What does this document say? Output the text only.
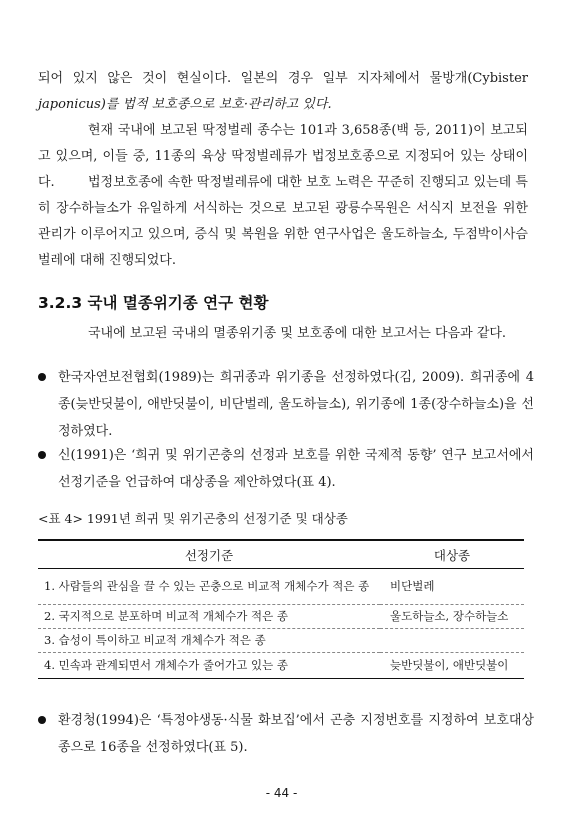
되어 있지 않은 것이 현실이다. 일본의 경우 일부 지자체에서 물방개(Cybister

japonicus)를 법적 보호종으로 보호·관리하고 있다.

현재 국내에 보고된 딱정벌레 종수는 101과 3,658종(백 등, 2011)이 보고되고 있으며, 이들 중, 11종의 육상 딱정벌레류가 법정보호종으로 지정되어 있는 상태이다.	법정보호종에 속한 딱정벌레류에 대한 보호 노력은 꾸준히 진행되고 있는데 특히 장수하늘소가 유일하게 서식하는 것으로 보고된 광릉수목원은 서식지 보전을 위한 관리가 이루어지고 있으며, 증식 및 복원을 위한 연구사업은 울도하늘소, 두점박이사슴벌레에 대해 진행되었다.

3.2.3 국내 멸종위기종 연구 현황

국내에 보고된 국내의 멸종위기종 및 보호종에 대한 보고서는 다음과 같다.

한국자연보전협회(1989)는 희귀종과 위기종을 선정하였다(김, 2009). 희귀종에 4종(늦반딧불이, 애반딧불이, 비단벌레, 울도하늘소), 위기종에 1종(장수하늘소)을 선정하였다.
신(1991)은 ‘희귀 및 위기곤충의 선정과 보호를 위한 국제적 동향’ 연구 보고서에서 선정기준을 언급하여 대상종을 제안하였다(표 4).
<표 4> 1991년 희귀 및 위기곤충의 선정기준 및 대상종
선정기준	대상종
1. 사람들의 관심을 끌 수 있는 곤충으로 비교적 개체수가 적은 종	비단벌레
2. 국지적으로 분포하며 비교적 개체수가 적은 종	울도하늘소, 장수하늘소
3. 습성이 특이하고 비교적 개체수가 적은 종	
4. 민속과 관계되면서 개체수가 줄어가고 있는 종	늦반딧불이, 애반딧불이
환경청(1994)은 ‘특정야생동·식물 화보집’에서 곤충 지정번호를 지정하여 보호대상종으로 16종을 선정하였다(표 5).
- 44 -
